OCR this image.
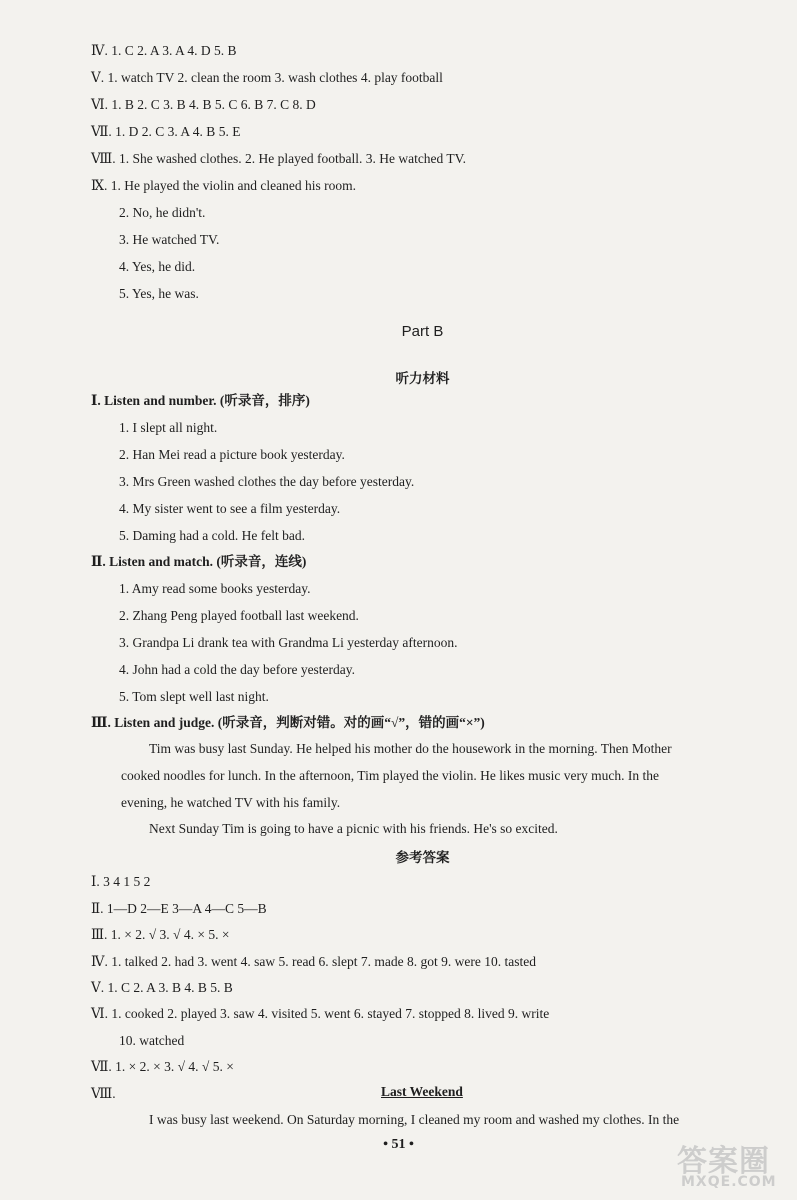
Ⅳ. 1. C 2. A 3. A 4. D 5. B
Ⅴ. 1. watch TV 2. clean the room 3. wash clothes 4. play football
Ⅵ. 1. B 2. C 3. B 4. B 5. C 6. B 7. C 8. D
Ⅶ. 1. D 2. C 3. A 4. B 5. E
Ⅷ. 1. She washed clothes. 2. He played football. 3. He watched TV.
Ⅸ. 1. He played the violin and cleaned his room.
2. No, he didn't.
3. He watched TV.
4. Yes, he did.
5. Yes, he was.
Part B
听力材料
Ⅰ. Listen and number. (听录音，排序)
1. I slept all night.
2. Han Mei read a picture book yesterday.
3. Mrs Green washed clothes the day before yesterday.
4. My sister went to see a film yesterday.
5. Daming had a cold. He felt bad.
Ⅱ. Listen and match. (听录音，连线)
1. Amy read some books yesterday.
2. Zhang Peng played football last weekend.
3. Grandpa Li drank tea with Grandma Li yesterday afternoon.
4. John had a cold the day before yesterday.
5. Tom slept well last night.
Ⅲ. Listen and judge. (听录音，判断对错。对的画“√”，错的画“×”)
Tim was busy last Sunday. He helped his mother do the housework in the morning. Then Mother
cooked noodles for lunch. In the afternoon, Tim played the violin. He likes music very much. In the
evening, he watched TV with his family.
Next Sunday Tim is going to have a picnic with his friends. He's so excited.
参考答案
Ⅰ. 3 4 1 5 2
Ⅱ. 1—D 2—E 3—A 4—C 5—B
Ⅲ. 1. × 2. √ 3. √ 4. × 5. ×
Ⅳ. 1. talked 2. had 3. went 4. saw 5. read 6. slept 7. made 8. got 9. were 10. tasted
Ⅴ. 1. C 2. A 3. B 4. B 5. B
Ⅵ. 1. cooked 2. played 3. saw 4. visited 5. went 6. stayed 7. stopped 8. lived 9. write
10. watched
Ⅶ. 1. × 2. × 3. √ 4. √ 5. ×
Ⅷ.	Last Weekend
I was busy last weekend. On Saturday morning, I cleaned my room and washed my clothes. In the
• 51 •	答案圈
MXQE.COM
